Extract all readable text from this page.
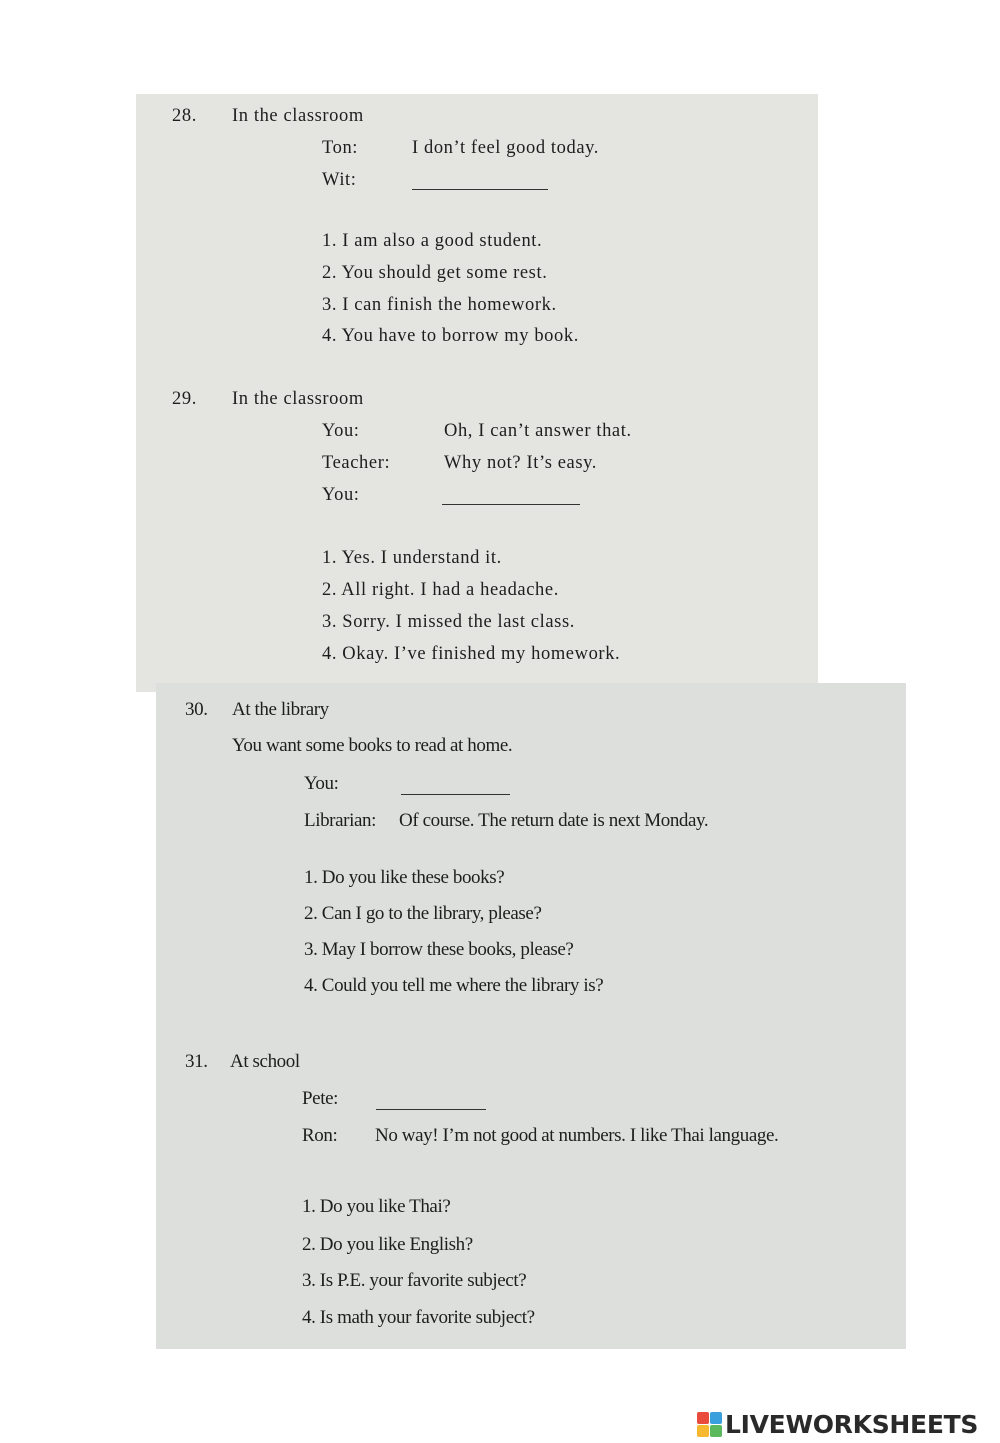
28. In the classroom
Ton:	I don’t feel good today.
Wit:
1. I am also a good student.
2. You should get some rest.
3. I can finish the homework.
4. You have to borrow my book.
29. In the classroom
You:	Oh, I can’t answer that.
Teacher:	Why not? It’s easy.
You:
1. Yes. I understand it.
2. All right. I had a headache.
3. Sorry. I missed the last class.
4. Okay. I’ve finished my homework.
30. At the library
You want some books to read at home.
You:
Librarian: Of course. The return date is next Monday.
1. Do you like these books?
2. Can I go to the library, please?
3. May I borrow these books, please?
4. Could you tell me where the library is?
31. At school
Pete:
Ron: No way! I’m not good at numbers. I like Thai language.
1. Do you like Thai?
2. Do you like English?
3. Is P.E. your favorite subject?
4. Is math your favorite subject?
LIVEWORKSHEETS
